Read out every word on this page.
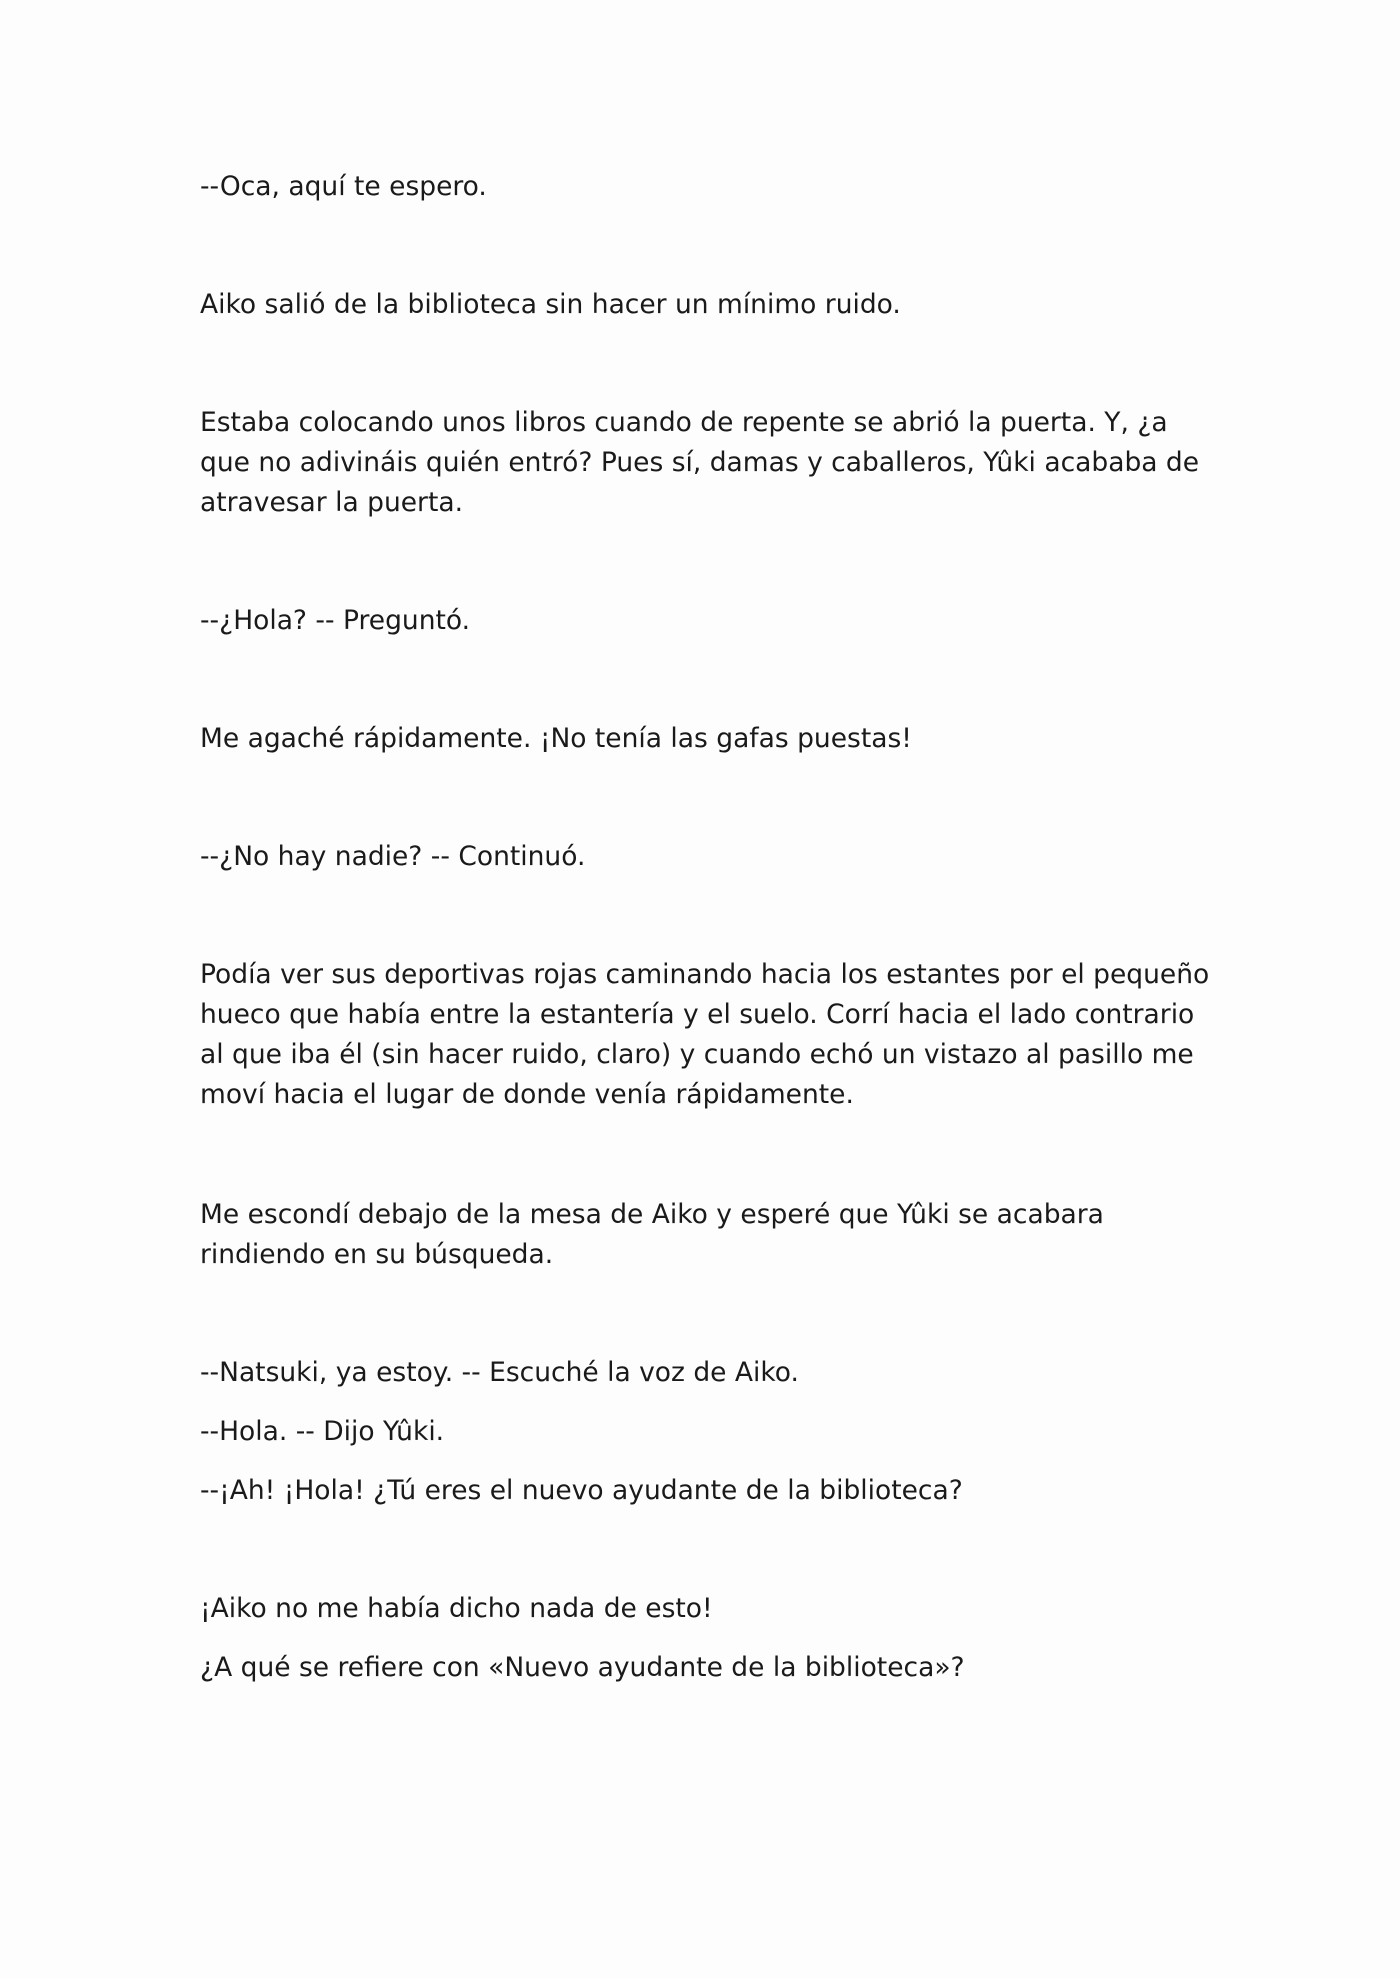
--Oca, aquí te espero.

Aiko salió de la biblioteca sin hacer un mínimo ruido.

Estaba colocando unos libros cuando de repente se abrió la puerta. Y, ¿a que no adivináis quién entró? Pues sí, damas y caballeros, Yûki acababa de atravesar la puerta.

--¿Hola? -- Preguntó.

Me agaché rápidamente. ¡No tenía las gafas puestas!

--¿No hay nadie? -- Continuó.

Podía ver sus deportivas rojas caminando hacia los estantes por el pequeño hueco que había entre la estantería y el suelo. Corrí hacia el lado contrario al que iba él (sin hacer ruido, claro) y cuando echó un vistazo al pasillo me moví hacia el lugar de donde venía rápidamente.

Me escondí debajo de la mesa de Aiko y esperé que Yûki se acabara rindiendo en su búsqueda.

--Natsuki, ya estoy. -- Escuché la voz de Aiko.

--Hola. -- Dijo Yûki.

--¡Ah! ¡Hola! ¿Tú eres el nuevo ayudante de la biblioteca?

¡Aiko no me había dicho nada de esto!

¿A qué se refiere con «Nuevo ayudante de la biblioteca»?
